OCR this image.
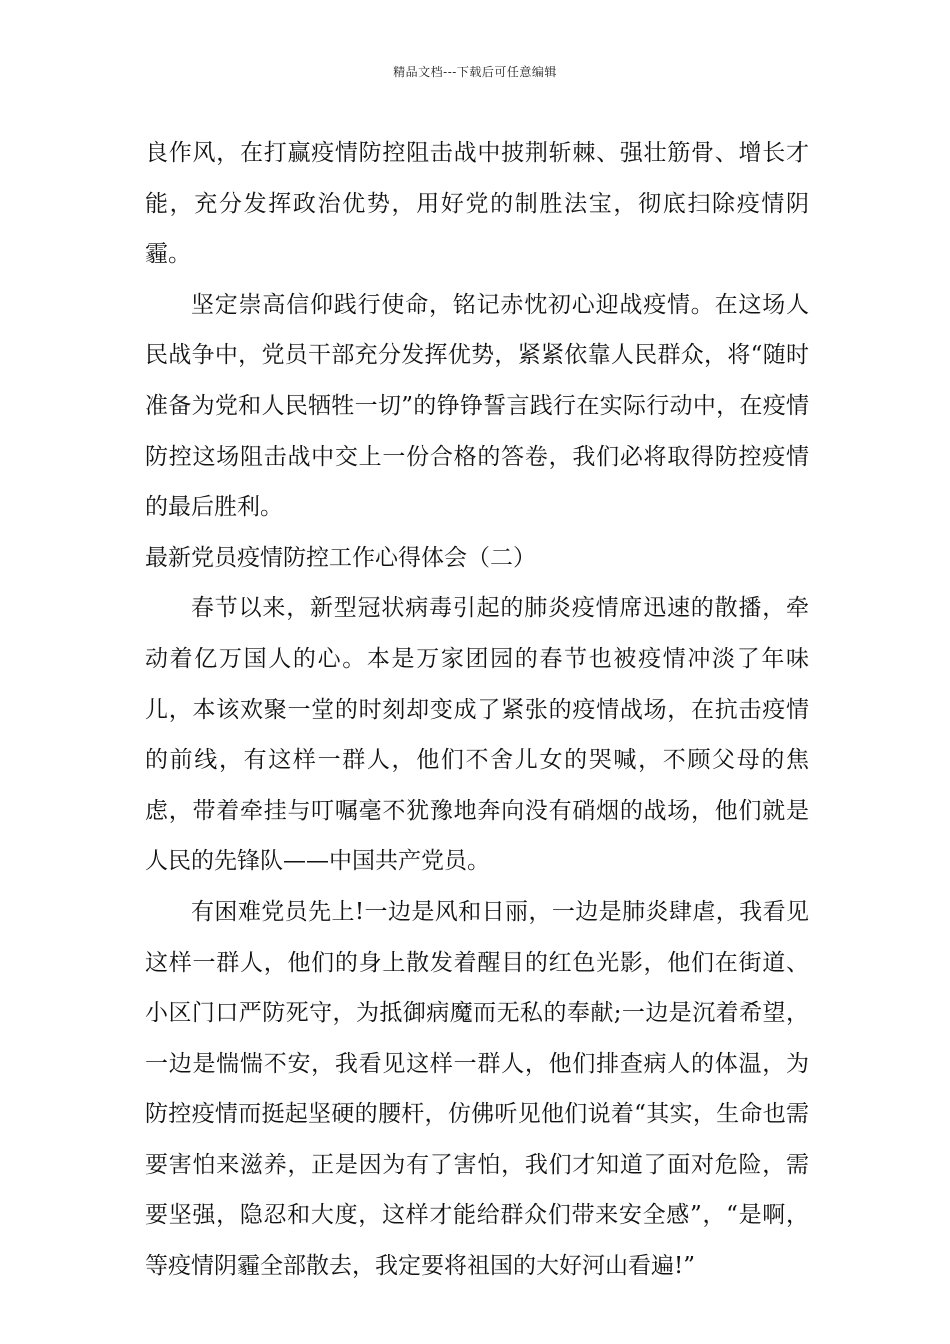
精品文档---下载后可任意编辑

良作风，在打赢疫情防控阻击战中披荆斩棘、强壮筋骨、增长才能，充分发挥政治优势，用好党的制胜法宝，彻底扫除疫情阴霾。

坚定崇高信仰践行使命，铭记赤忱初心迎战疫情。在这场人民战争中，党员干部充分发挥优势，紧紧依靠人民群众，将“随时准备为党和人民牺牲一切”的铮铮誓言践行在实际行动中，在疫情防控这场阻击战中交上一份合格的答卷，我们必将取得防控疫情的最后胜利。

最新党员疫情防控工作心得体会（二）

春节以来，新型冠状病毒引起的肺炎疫情席迅速的散播，牵动着亿万国人的心。本是万家团园的春节也被疫情冲淡了年味儿，本该欢聚一堂的时刻却变成了紧张的疫情战场，在抗击疫情的前线，有这样一群人，他们不舍儿女的哭喊，不顾父母的焦虑，带着牵挂与叮嘱毫不犹豫地奔向没有硝烟的战场，他们就是人民的先锋队——中国共产党员。

有困难党员先上!一边是风和日丽，一边是肺炎肆虐，我看见这样一群人，他们的身上散发着醒目的红色光影，他们在街道、小区门口严防死守，为抵御病魔而无私的奉献;一边是沉着希望，一边是惴惴不安，我看见这样一群人，他们排查病人的体温，为防控疫情而挺起坚硬的腰杆，仿佛听见他们说着“其实，生命也需要害怕来滋养，正是因为有了害怕，我们才知道了面对危险，需要坚强，隐忍和大度，这样才能给群众们带来安全感”，“是啊，等疫情阴霾全部散去，我定要将祖国的大好河山看遍!”
